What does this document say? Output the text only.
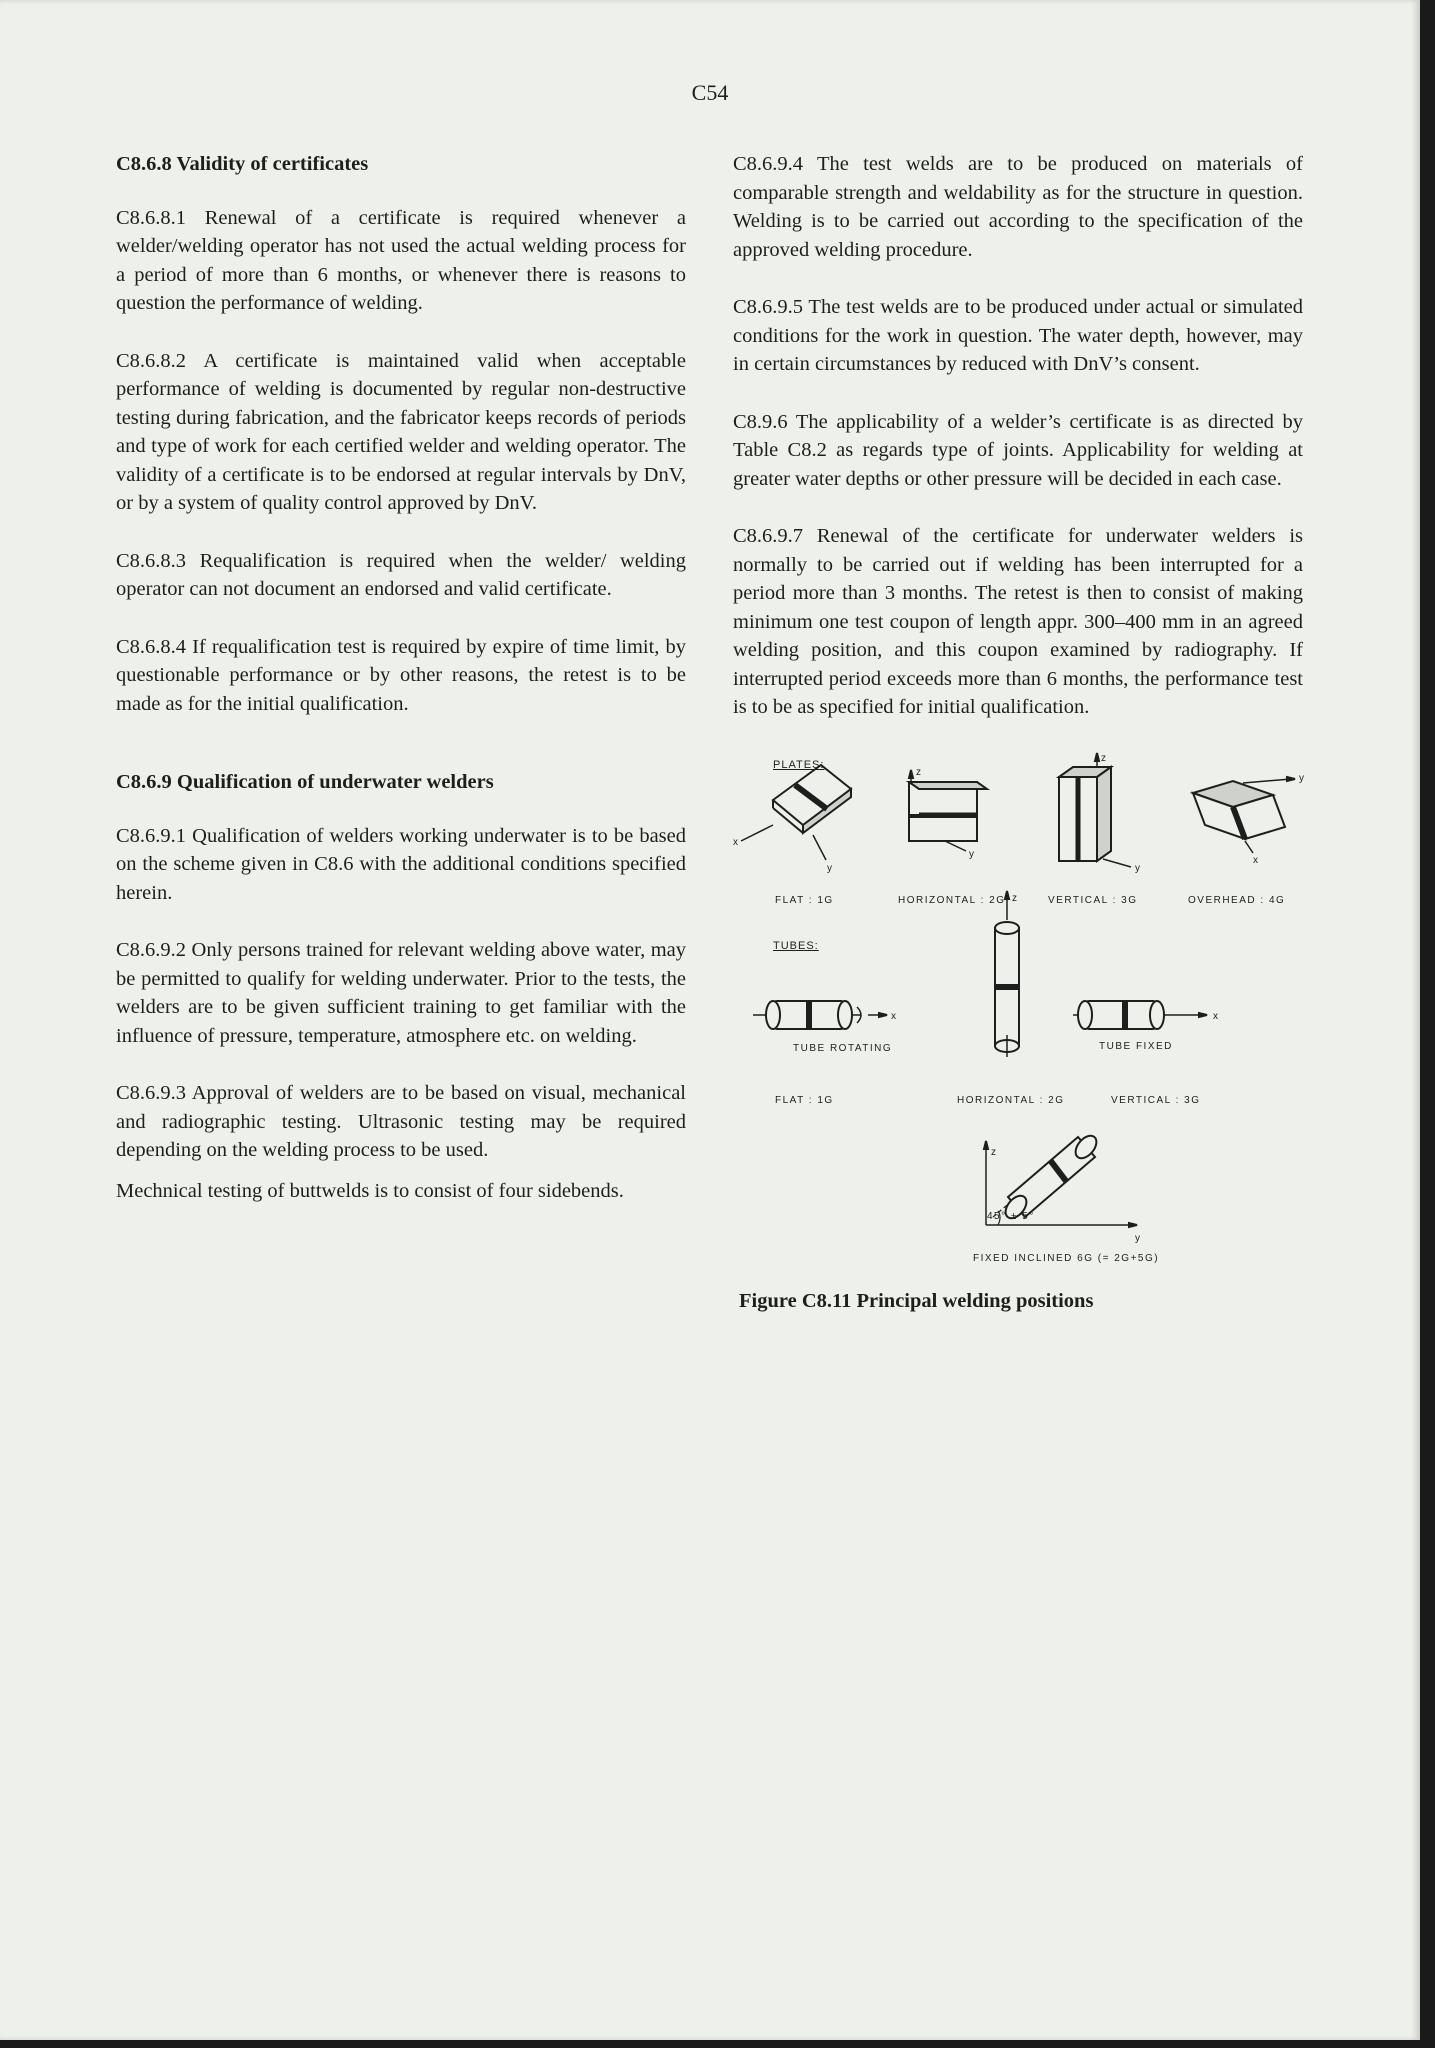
C54
C8.6.8 Validity of certificates

C8.6.8.1 Renewal of a certificate is required whenever a welder/welding operator has not used the actual welding process for a period of more than 6 months, or whenever there is reasons to question the performance of welding.

C8.6.8.2 A certificate is maintained valid when acceptable performance of welding is documented by regular non-destructive testing during fabrication, and the fabricator keeps records of periods and type of work for each certified welder and welding operator. The validity of a certificate is to be endorsed at regular intervals by DnV, or by a system of quality control approved by DnV.

C8.6.8.3 Requalification is required when the welder/ welding operator can not document an endorsed and valid certificate.

C8.6.8.4 If requalification test is required by expire of time limit, by questionable performance or by other reasons, the retest is to be made as for the initial qualification.

C8.6.9 Qualification of underwater welders

C8.6.9.1 Qualification of welders working underwater is to be based on the scheme given in C8.6 with the additional conditions specified herein.

C8.6.9.2 Only persons trained for relevant welding above water, may be permitted to qualify for welding underwater. Prior to the tests, the welders are to be given sufficient training to get familiar with the influence of pressure, temperature, atmosphere etc. on welding.

C8.6.9.3 Approval of welders are to be based on visual, mechanical and radiographic testing. Ultrasonic testing may be required depending on the welding process to be used.

Mechnical testing of buttwelds is to consist of four sidebends.

C8.6.9.4 The test welds are to be produced on materials of comparable strength and weldability as for the structure in question. Welding is to be carried out according to the specification of the approved welding procedure.

C8.6.9.5 The test welds are to be produced under actual or simulated conditions for the work in question. The water depth, however, may in certain circumstances by reduced with DnV’s consent.

C8.9.6 The applicability of a welder’s certificate is as directed by Table C8.2 as regards type of joints. Applicability for welding at greater water depths or other pressure will be decided in each case.

C8.6.9.7 Renewal of the certificate for underwater welders is normally to be carried out if welding has been interrupted for a period more than 3 months. The retest is then to consist of making minimum one test coupon of length appr. 300–400 mm in an agreed welding position, and this coupon examined by radiography. If interrupted period exceeds more than 6 months, the performance test is to be as specified for initial qualification.

x
y
z
y
z
y
y
x
z
x	x
z
y
PLATES:
FLAT : 1G	HORIZONTAL : 2G	VERTICAL : 3G	OVERHEAD : 4G
TUBES:
TUBE ROTATING	TUBE FIXED
FLAT : 1G	HORIZONTAL : 2G	VERTICAL : 3G
45° ± 5°
FIXED INCLINED 6G (= 2G+5G)
Figure C8.11 Principal welding positions
